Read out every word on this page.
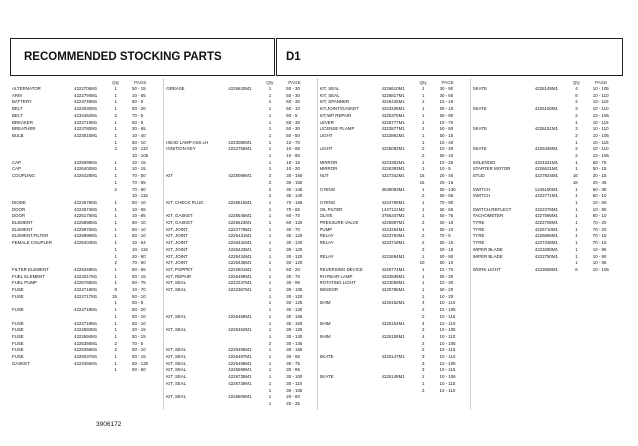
RECOMMENDED STOCKING PARTS	D1
Qty	PAGE
ALTERNATOR	4222705M1	1	50 - 15
ARM	4222794M1	1	10 - 65
BATTERY	4223749M1	1	50 - 5
BELT	4222930M1	1	60 - 20
BELT	4234452M1	2	70 - 5
BREAKER	4222719M1	1	50 - 5
BREATHER	4223780M1	1	30 - 65
BULB	4223015M1	1	10 - 40
1	50 - 10
2	10 - 110
10 - 105
CAP	4225099M1	1	10 - 15
CAP	4226402M1	1	10 - 15
COUPLING	4225428M1	1	70 - 50
1	70 - 65
2	70 - 90
10 - 115
DIODE	4222575M1	1	50 - 10
DOOR	4222574M1	1	10 - 65
DOOR	4226175M1	1	10 - 65
ELEMENT	4225898M1	1	60 - 10
ELEMENT	4225976M1	1	60 - 10
ELEMENT,FILTER	4225896M1	1	60 - 10
FEMALE COUPLER	4225404M1	1	10 - 64
1	10 - 115
1	20 - 60
2	70 - 90
FILTER ELEMENT	4225348M1	1	60 - 65
FUEL ELEMENT	4224317M1	1	60 - 15
FUEL PUMP	4225765M1	1	60 - 75
FUSE	4222716M1	8	10 - 70
FUSE	4222717M1	15	50 - 10
1	50 - 5
FUSE	4222718M1	1	50 - 20
1	60 - 10
FUSE	4222719M1	1	50 - 10
FUSE	4222693M1	1	20 - 15
FUSE	4222694M1	1	50 - 15
FUSE	4225356M1	2	70 - 5
FUSE	4225356M1	2	50 - 10
FUSE	4226037M1	1	50 - 15
GASKET	4223456M1	1	60 - 130
1	60 - 60
Qty	PAGE
GREASE	4226620M1	1	50 - 30
1	50 - 30
1	50 - 30
1	50 - 10
1	50 - 5
1	50 - 30
1	50 - 30
1	50 - 50
HEAD LAMP ASS LH	4223080M1	1	10 - 70
IGNITION KEY	4222755M1	1	10 - 85
1	10 - 80
1	10 - 15
1	10 - 20
KIT	4225096M1	2	30 - 160
2	30 - 150
2	30 - 145
2	30 - 140
KIT, CHECK PLUG	4226615M1	1	70 - 155
1	70 - 65
KIT, GASKET	4226545M1	1	60 - 70
KIT, GASKET	4226623M1	1	60 - 120
KIT, JOINT	4222779M1	1	30 - 70
KIT, JOINT	4226431M1	1	30 - 120
KIT, JOINT	4226432M1	1	30 - 120
KIT, JOINT	4226433M1	1	30 - 120
KIT, JOINT	4226434M1	1	30 - 120
KIT, JOINT	4226435M1	1	30 - 120
KIT, POPPET	4222601M1	1	50 - 20
KIT, REPAIR	4226498M1	1	30 - 70
KIT, SEAL	4222237M1	1	30 - 95
KIT, SEAL	4222367M1	1	30 - 105
1	30 - 120
1	30 - 125
1	30 - 130
KIT, SEAL	4226458M1	1	30 - 155
1	30 - 150
KIT, SEAL	4226462M1	1	30 - 125
1	30 - 140
2	30 - 145
KIT, SEAL	4226495M1	1	30 - 155
KIT, SEAL	4226497M1	1	30 - 65
KIT, SEAL	4226498M1	1	30 - 75
KIT, SEAL	4226599M1	1	30 - 85
KIT, SEAL	4226735M1	1	30 - 100
KIT, SEAL	4226736M1	1	30 - 110
1	30 - 105
KIT, SEAL	4226606M1	1	20 - 60
1	20 - 35
Qty	PAGE
KIT, SEAL	4226610M1	1	30 - 90
KIT, SEAL	4226817M1	1	30 - 60
KIT, SPANNER	4226425M1	1	10 - 15
KIT,JOINT/GASKET	4223436M1	1	60 - 15
KIT,WP REPAIR	4225375M1	1	60 - 90
LEVER	4226777M1	1	10 - 70
LICENSE PLAMP	4222877M1	1	50 - 60
LIGHT	4222881M1	1	50 - 10
1	10 - 40
LIGHT	4225082M1	2	10 - 40
2	50 - 10
MIRROR	4223302M1	1	10 - 25
MIRROR	4226393M1	1	10 - 5
NUT	4227342M1	16	20 - 45
16	20 - 15
O RING	3638083M1	1	60 - 130
2	60 - 65
O RING	4224785M1	1	70 - 90
OIL FILTER	1447121M2	1	60 - 65
OLIVE	3756347M1	1	60 - 75
PRESSURE VALVE	4225987M1	2	60 - 10
PUMP	4223454M1	1	60 - 10
RELAY	4222763M1	2	70 - 5
RELAY	4222718M1	2	50 - 15
2	50 - 15
RELAY	4222694M1	1	50 - 90
10	50 - 10
REVERSING DEVICE	4226774M1	1	10 - 70
RH REAR LAMP	4222836M1	1	50 - 30
ROTATING LIGHT	4223058M1	1	10 - 30
SENSOR	4225786M1	1	50 - 20
1	10 - 20
SHIM	4226152M1	4	10 - 110
2	10 - 105
2	10 - 115
SHIM	4226154M1	4	10 - 110
2	10 - 105
SHIM	4226155M1	4	10 - 110
2	10 - 105
2	10 - 115
SKATE	4226147M1	3	10 - 110
3	10 - 105
3	10 - 115
SKATE	4226148M1	2	10 - 106
1	10 - 115
3	10 - 110
Qty	PAGE
SKATE	4226149M1	4	10 - 105
6	10 - 110
2	10 - 115
SKATE	4226150M1	3	10 - 110
2	10 - 105
1	10 - 115
SKATE	4226151M1	3	10 - 110
2	10 - 105
1	10 - 115
SKATE	4226436M1	2	10 - 110
2	10 - 105
SOLENOID	4224321M1	1	60 - 75
STARTER MOTOR	4226621M1	1	50 - 15
STUD	4227924M1	16	20 - 15
16	20 - 45
SWITCH	1446190M1	1	60 - 35
SWITCH	4222771M1	1	50 - 10
1	10 - 60
SWITCH,REFLECT	4222376M1	1	10 - 80
TACHOMETER	4227586M1	1	50 - 10
TYRE	4222706M1	1	70 - 20
TYRE	4226710M1	1	70 - 20
TYRE	4226856M1	1	70 - 15
TYRE	4227336M1	1	70 - 15
WIPER BLADE	4223280M1	1	10 - 95
WIPER BLADE	4222750M1	1	10 - 90
1	10 - 95
WORK LIGHT	4223068M1	6	10 - 105
3906172
